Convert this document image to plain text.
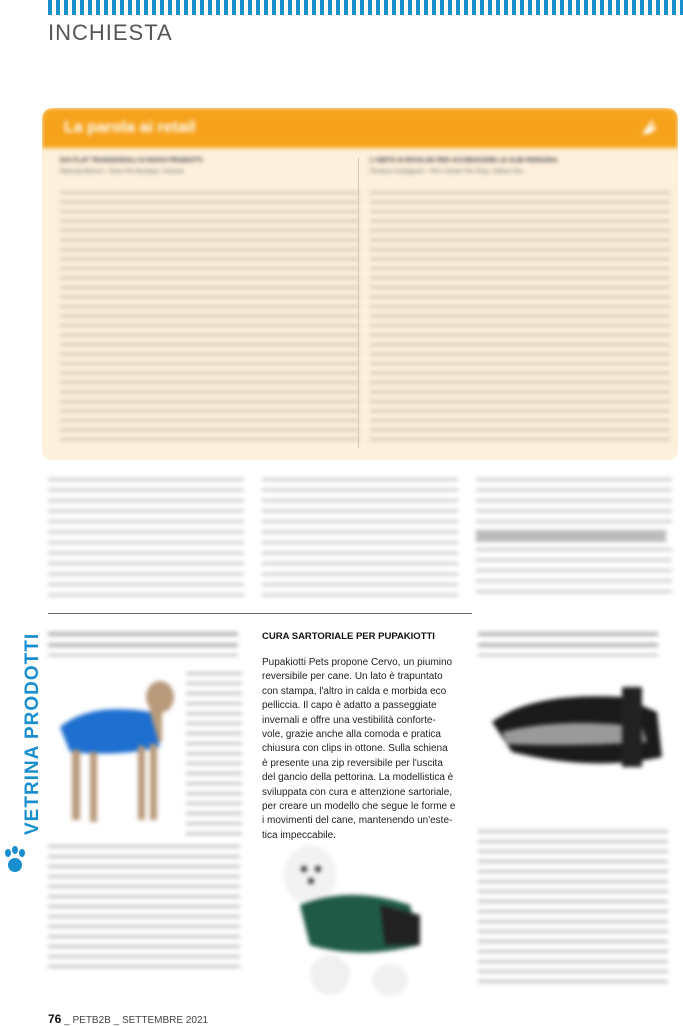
INCHIESTA
La parola ai retail
DAI FLAT TRADIZIONALI AI NUOVI PRODOTTI
Manuela Bertoni - Store Pet Boutique, Genova
L'ABITO SI RIVOLGE PER ACCRESCERE LE ALBI PERSONA
Floriana Castagnaro - Pet's Center Pet Shop, Saltaro Alto
VETRINA PRODOTTI	CURA SARTORIALE PER PUPAKIOTTI
Pupakiotti Pets propone Cervo, un piumino
reversibile per cane. Un lato è trapuntato
con stampa, l'altro in calda e morbida eco
pelliccia. Il capo è adatto a passeggiate
invernali e offre una vestibilità conforte-
vole, grazie anche alla comoda e pratica
chiusura con clips in ottone. Sulla schiena
è presente una zip reversibile per l'uscita
del gancio della pettorina. La modellistica è
sviluppata con cura e attenzione sartoriale,
per creare un modello che segue le forme e
i movimenti del cane, mantenendo un'este-
tica impeccabile.
76 _ PETB2B _ SETTEMBRE 2021
